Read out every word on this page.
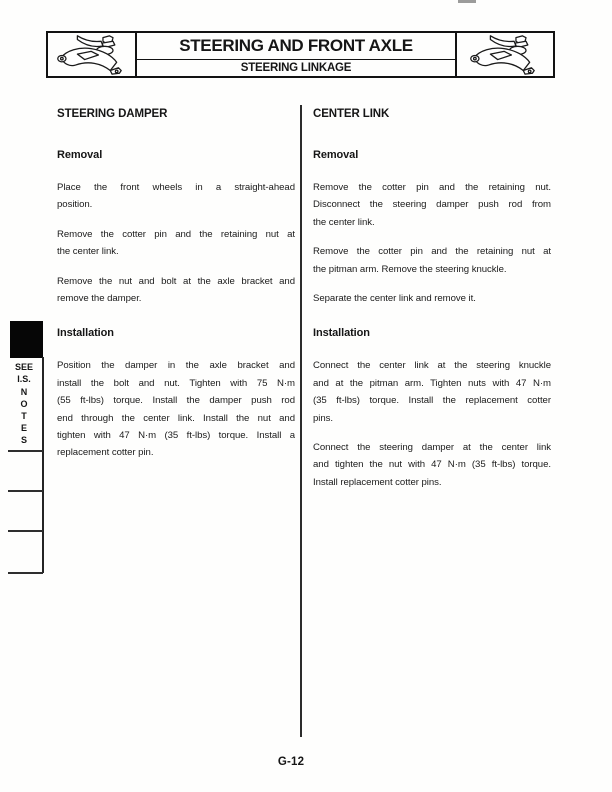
STEERING AND FRONT AXLE
STEERING LINKAGE
STEERING DAMPER
Removal

Place the front wheels in a straight-ahead
position.

Remove the cotter pin and the retaining nut at
the center link.

Remove the nut and bolt at the axle bracket and
remove the damper.

Installation

Position the damper in the axle bracket and
install the bolt and nut. Tighten with 75 N·m
(55 ft-lbs) torque. Install the damper push rod
end through the center link. Install the nut and
tighten with 47 N·m (35 ft-lbs) torque. Install a
replacement cotter pin.

CENTER LINK
Removal

Remove the cotter pin and the retaining nut.
Disconnect the steering damper push rod from
the center link.

Remove the cotter pin and the retaining nut at
the pitman arm. Remove the steering knuckle.

Separate the center link and remove it.

Installation

Connect the center link at the steering knuckle
and at the pitman arm. Tighten nuts with 47 N·m
(35 ft-lbs) torque. Install the replacement cotter
pins.

Connect the steering damper at the center link
and tighten the nut with 47 N·m (35 ft-lbs) torque.
Install replacement cotter pins.

SEE
I.S.
N
O
T
E
S
G-12
